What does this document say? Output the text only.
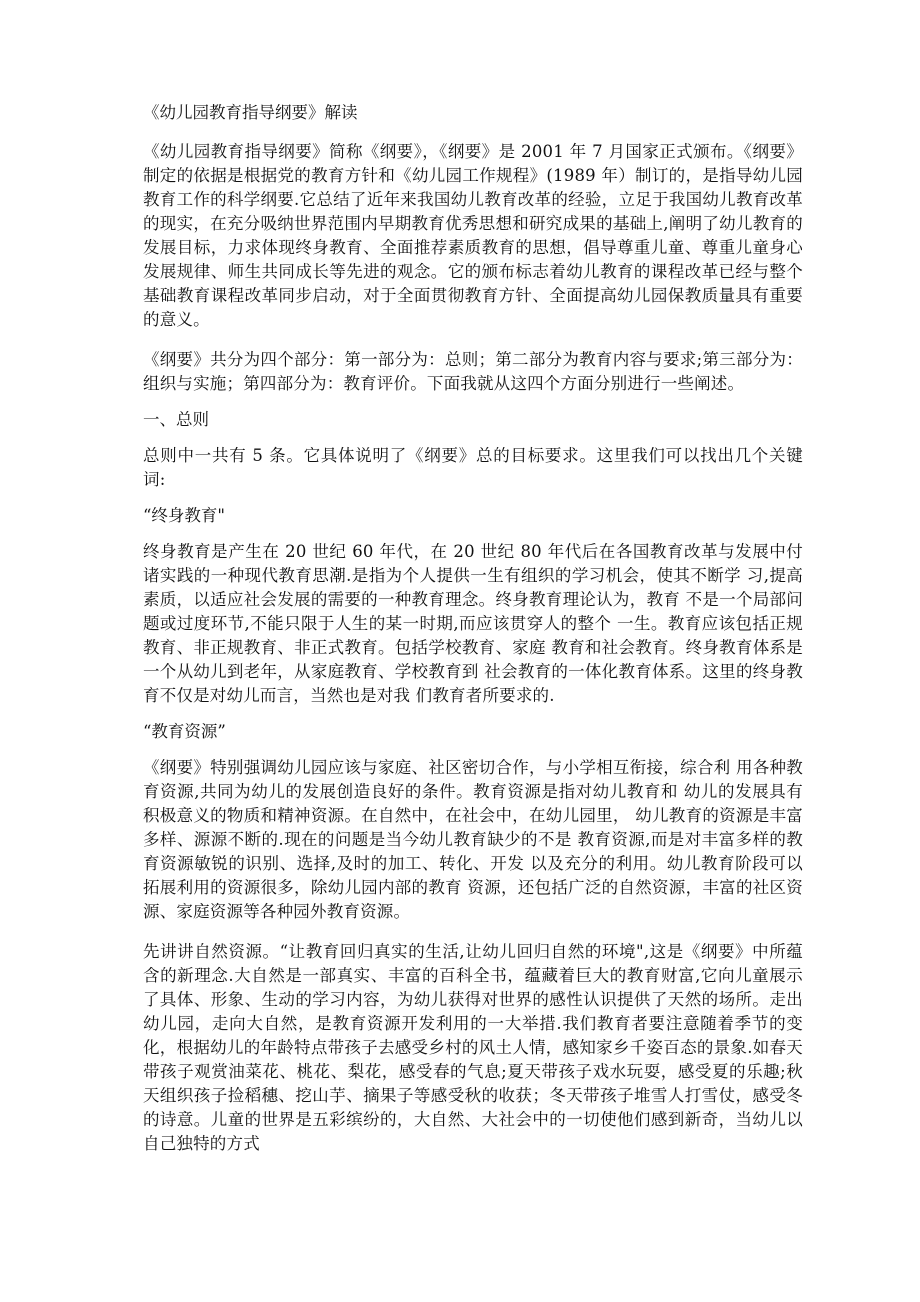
《幼儿园教育指导纲要》解读

《幼儿园教育指导纲要》简称《纲要》，《纲要》是 2001 年 7 月国家正式颁布。《纲要》制定的依据是根据党的教育方针和《幼儿园工作规程》(1989 年）制订的，是指导幼儿园教育工作的科学纲要.它总结了近年来我国幼儿教育改革的经验，立足于我国幼儿教育改革的现实，在充分吸纳世界范围内早期教育优秀思想和研究成果的基础上,阐明了幼儿教育的发展目标，力求体现终身教育、全面推荐素质教育的思想，倡导尊重儿童、尊重儿童身心发展规律、师生共同成长等先进的观念。它的颁布标志着幼儿教育的课程改革已经与整个基础教育课程改革同步启动，对于全面贯彻教育方针、全面提高幼儿园保教质量具有重要的意义。

《纲要》共分为四个部分：第一部分为：总则；第二部分为教育内容与要求;第三部分为：组织与实施；第四部分为：教育评价。下面我就从这四个方面分别进行一些阐述。

一、总则

总则中一共有 5 条。它具体说明了《纲要》总的目标要求。这里我们可以找出几个关键词:

“终身教育"

终身教育是产生在 20 世纪 60 年代，在 20 世纪 80 年代后在各国教育改革与发展中付 诸实践的一种现代教育思潮.是指为个人提供一生有组织的学习机会，使其不断学 习,提高素质，以适应社会发展的需要的一种教育理念。终身教育理论认为，教育 不是一个局部问题或过度环节,不能只限于人生的某一时期,而应该贯穿人的整个 一生。教育应该包括正规教育、非正规教育、非正式教育。包括学校教育、家庭 教育和社会教育。终身教育体系是一个从幼儿到老年，从家庭教育、学校教育到 社会教育的一体化教育体系。这里的终身教育不仅是对幼儿而言，当然也是对我 们教育者所要求的.

“教育资源”

《纲要》特别强调幼儿园应该与家庭、社区密切合作，与小学相互衔接，综合利 用各种教育资源,共同为幼儿的发展创造良好的条件。教育资源是指对幼儿教育和 幼儿的发展具有积极意义的物质和精神资源。在自然中，在社会中，在幼儿园里， 幼儿教育的资源是丰富多样、源源不断的.现在的问题是当今幼儿教育缺少的不是 教育资源,而是对丰富多样的教育资源敏锐的识别、选择,及时的加工、转化、开发 以及充分的利用。幼儿教育阶段可以拓展利用的资源很多，除幼儿园内部的教育 资源，还包括广泛的自然资源，丰富的社区资源、家庭资源等各种园外教育资源。

先讲讲自然资源。“让教育回归真实的生活,让幼儿回归自然的环境",这是《纲要》中所蕴含的新理念.大自然是一部真实、丰富的百科全书，蕴藏着巨大的教育财富,它向儿童展示了具体、形象、生动的学习内容，为幼儿获得对世界的感性认识提供了天然的场所。走出幼儿园，走向大自然，是教育资源开发利用的一大举措.我们教育者要注意随着季节的变化，根据幼儿的年龄特点带孩子去感受乡村的风土人情，感知家乡千姿百态的景象.如春天带孩子观赏油菜花、桃花、梨花，感受春的气息;夏天带孩子戏水玩耍，感受夏的乐趣;秋天组织孩子捡稻穗、挖山芋、摘果子等感受秋的收获；冬天带孩子堆雪人打雪仗，感受冬的诗意。儿童的世界是五彩缤纷的，大自然、大社会中的一切使他们感到新奇，当幼儿以自己独特的方式
